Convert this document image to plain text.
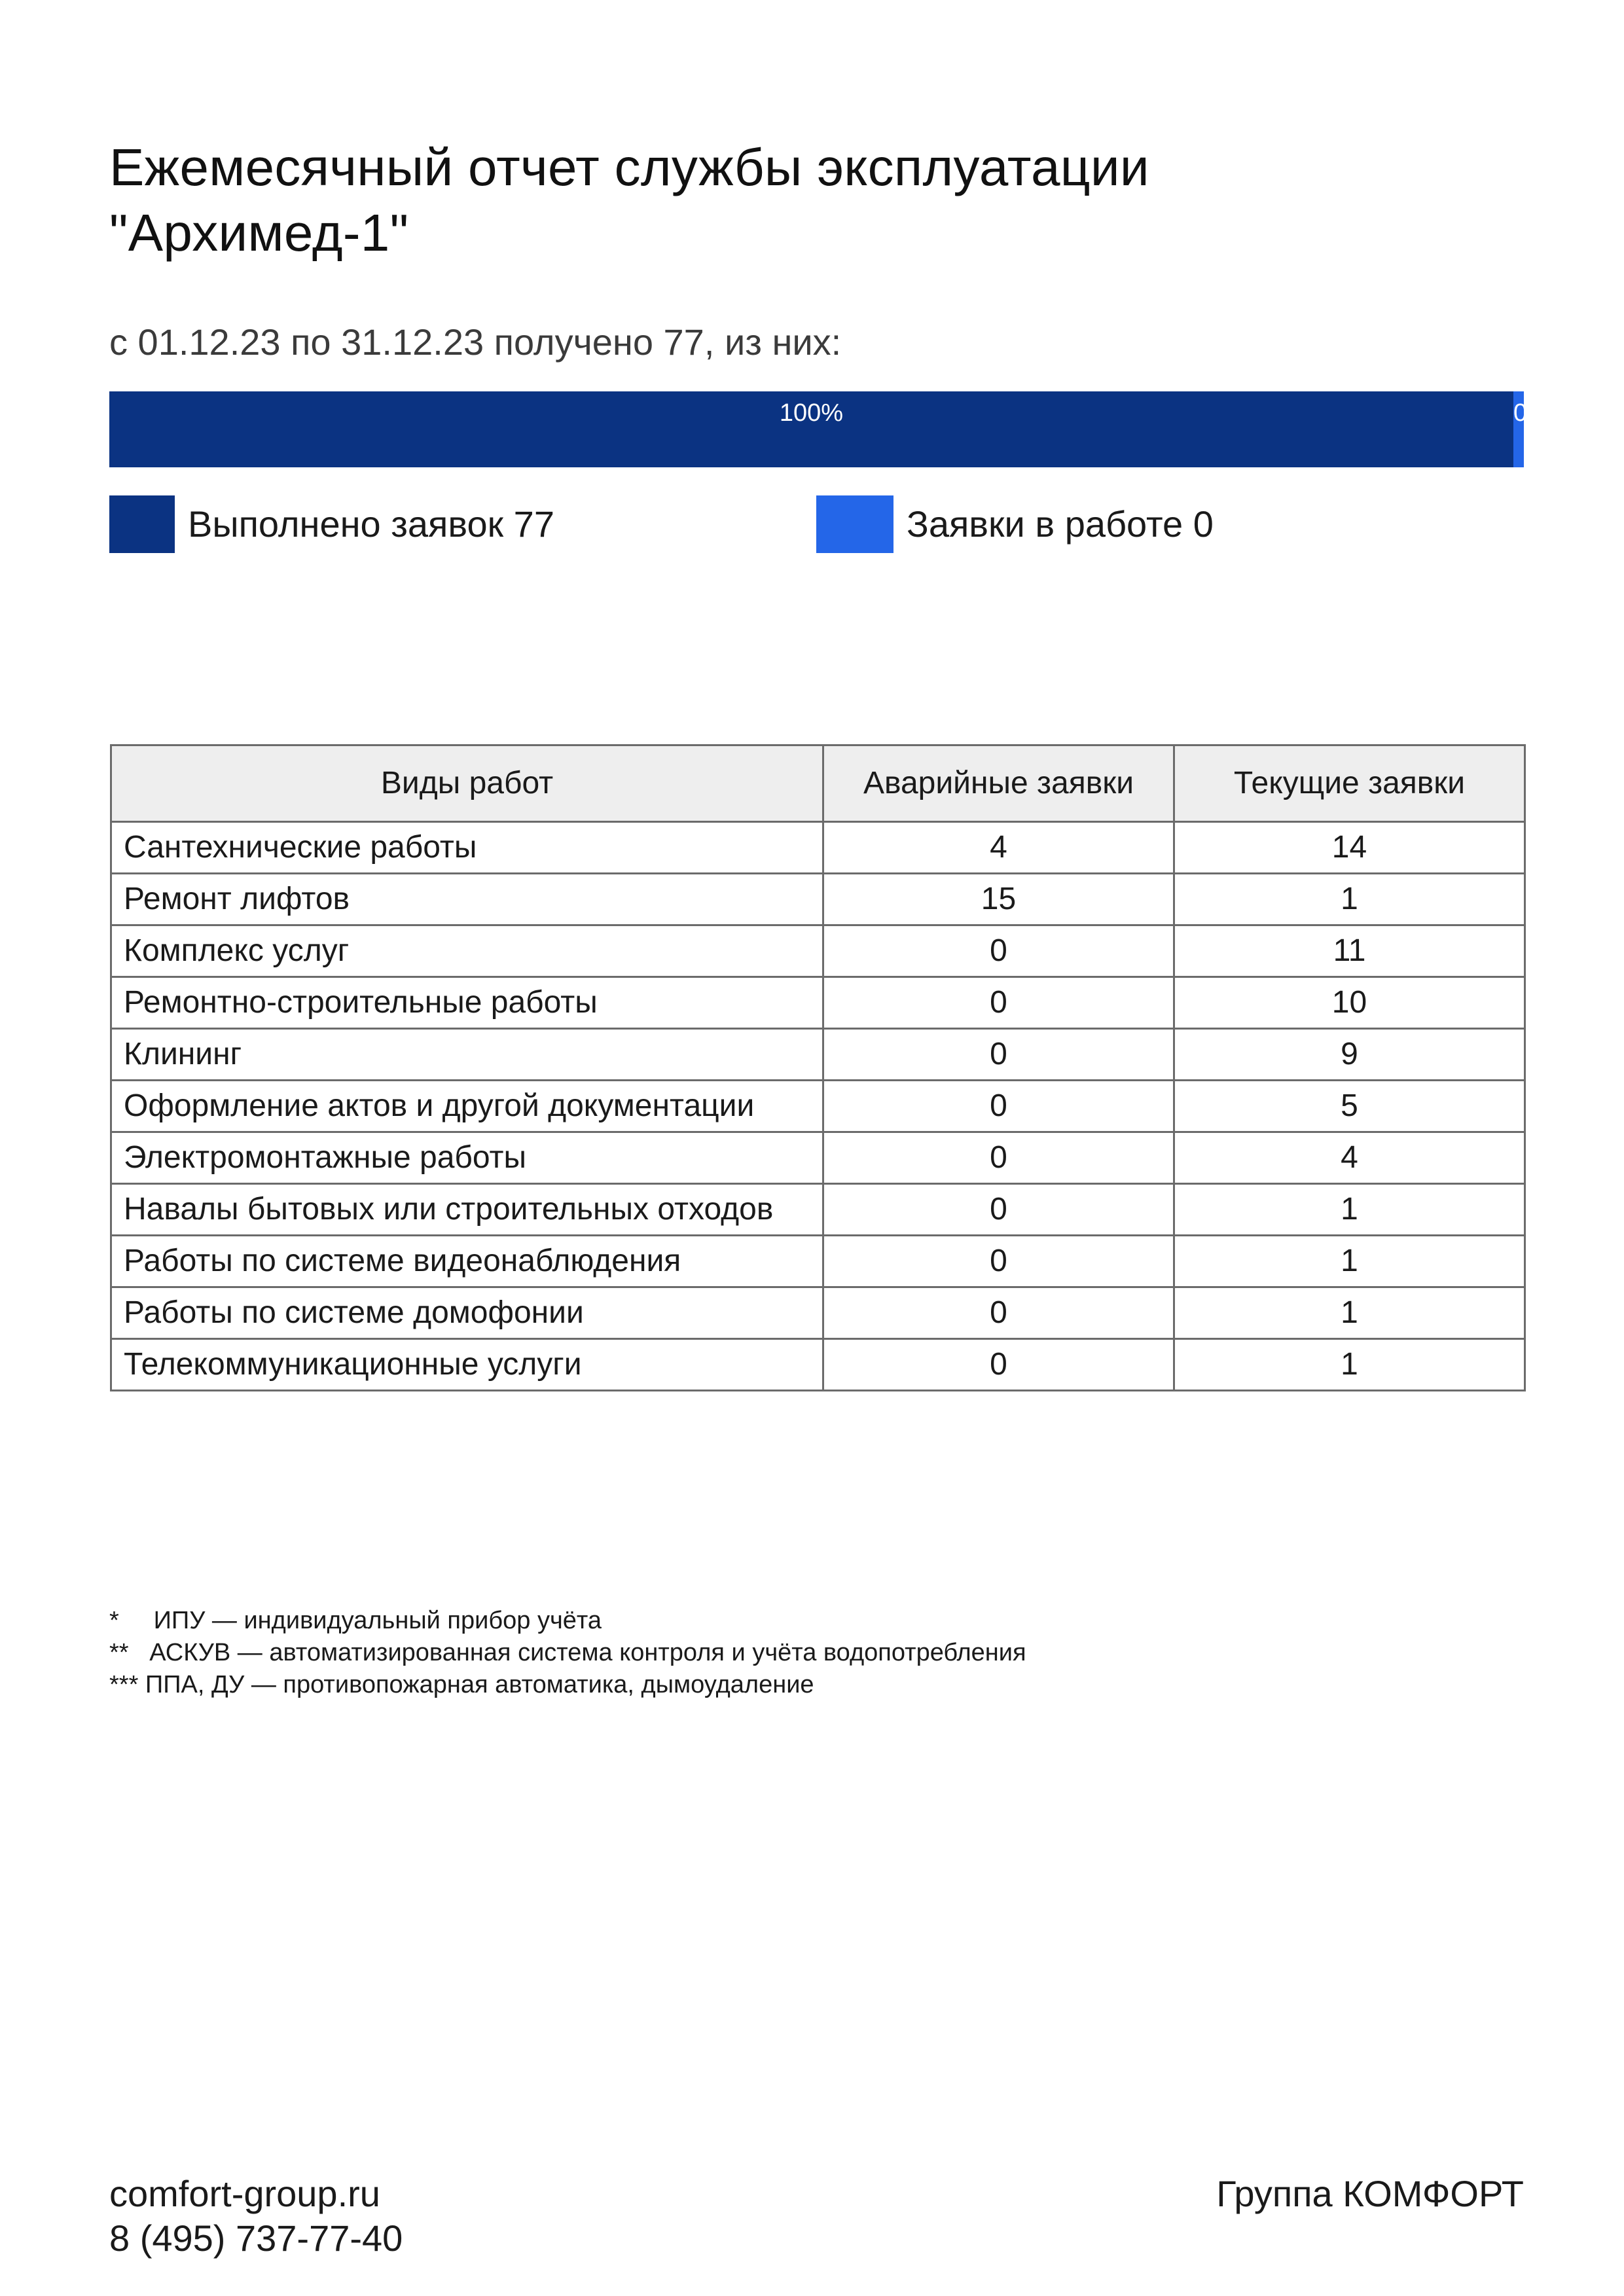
Ежемесячный отчет службы эксплуатации
"Архимед-1"
с 01.12.23 по 31.12.23 получено 77, из них:
100%	0%
Выполнено заявок 77	Заявки в работе 0
Виды работ	Аварийные заявки	Текущие заявки
Сантехнические работы	4	14
Ремонт лифтов	15	1
Комплекс услуг	0	11
Ремонтно-строительные работы	0	10
Клининг	0	9
Оформление актов и другой документации	0	5
Электромонтажные работы	0	4
Навалы бытовых или строительных отходов	0	1
Работы по системе видеонаблюдения	0	1
Работы по системе домофонии	0	1
Телекоммуникационные услуги	0	1
*     ИПУ — индивидуальный прибор учёта
**   АСКУВ — автоматизированная система контроля и учёта водопотребления
*** ППА, ДУ — противопожарная автоматика, дымоудаление
comfort-group.ru
8 (495) 737-77-40
Группа КОМФОРТ
